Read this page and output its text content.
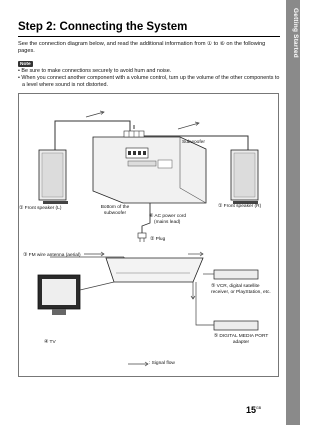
Getting Started
Step 2: Connecting the System
See the connection diagram below, and read the additional information from ① to ⑥ on the following pages.
Note
• Be sure to make connections securely to avoid hum and noise.
• When you connect another component with a volume control, turn up the volume of the other components to a level where sound is not distorted.
Subwoofer
① Front speaker (L)	① Front speaker (R)
Bottom of the
subwoofer
⑥ AC power cord
(mains lead)
② Plug
③ FM wire antenna (aerial)
⑤ VCR, digital satellite
receiver, or PlayStation, etc.
④ TV
⑤ DIGITAL MEDIA PORT
adapter
: Signal flow
$15^{GB}$
